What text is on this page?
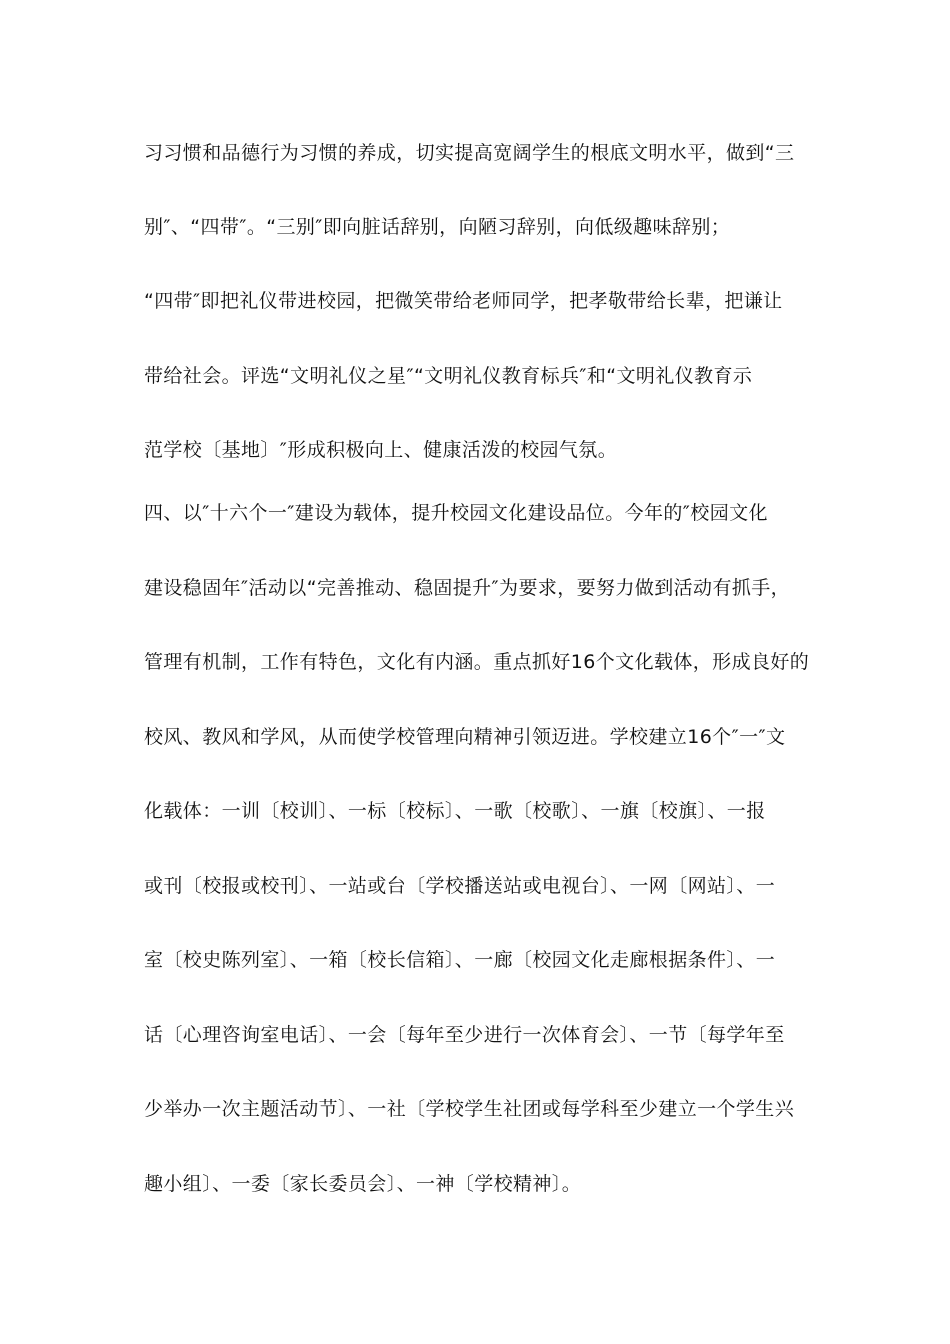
习习惯和品德行为习惯的养成，切实提高宽阔学生的根底文明水平，做到“三
别″、“四带″。“三别″即向脏话辞别，向陋习辞别，向低级趣味辞别；
“四带″即把礼仪带进校园，把微笑带给老师同学，把孝敬带给长辈，把谦让
带给社会。评选“文明礼仪之星″“文明礼仪教育标兵″和“文明礼仪教育示
范学校〔基地〕″形成积极向上、健康活泼的校园气氛。
四、以″十六个一″建设为载体，提升校园文化建设品位。今年的″校园文化
建设稳固年″活动以“完善推动、稳固提升″为要求，要努力做到活动有抓手，
管理有机制，工作有特色，文化有内涵。重点抓好16个文化载体，形成良好的
校风、教风和学风，从而使学校管理向精神引领迈进。学校建立16个″一″文
化载体：一训〔校训〕、一标〔校标〕、一歌〔校歌〕、一旗〔校旗〕、一报
或刊〔校报或校刊〕、一站或台〔学校播送站或电视台〕、一网〔网站〕、一
室〔校史陈列室〕、一箱〔校长信箱〕、一廊〔校园文化走廊根据条件〕、一
话〔心理咨询室电话〕、一会〔每年至少进行一次体育会〕、一节〔每学年至
少举办一次主题活动节〕、一社〔学校学生社团或每学科至少建立一个学生兴
趣小组〕、一委〔家长委员会〕、一神〔学校精神〕。
